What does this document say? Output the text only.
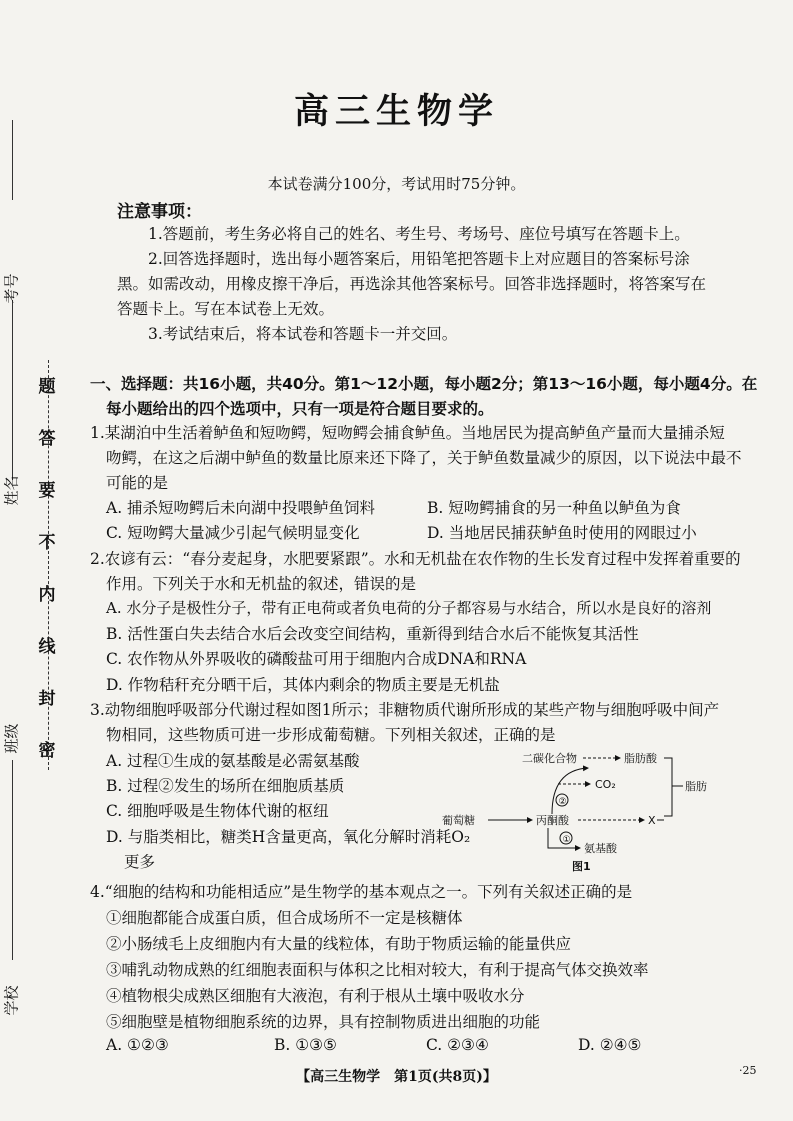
题
答
要
不
内
线
封
密
考号
姓名
班级
学校
高三生物学
本试卷满分100分，考试用时75分钟。
注意事项：
1.答题前，考生务必将自己的姓名、考生号、考场号、座位号填写在答题卡上。
2.回答选择题时，选出每小题答案后，用铅笔把答题卡上对应题目的答案标号涂
黑。如需改动，用橡皮擦干净后，再选涂其他答案标号。回答非选择题时，将答案写在
答题卡上。写在本试卷上无效。
3.考试结束后，将本试卷和答题卡一并交回。
一、选择题：共16小题，共40分。第1～12小题，每小题2分；第13～16小题，每小题4分。在
每小题给出的四个选项中，只有一项是符合题目要求的。
1.某湖泊中生活着鲈鱼和短吻鳄，短吻鳄会捕食鲈鱼。当地居民为提高鲈鱼产量而大量捕杀短
吻鳄，在这之后湖中鲈鱼的数量比原来还下降了，关于鲈鱼数量减少的原因，以下说法中最不
可能的是
A. 捕杀短吻鳄后未向湖中投喂鲈鱼饲料	B. 短吻鳄捕食的另一种鱼以鲈鱼为食
C. 短吻鳄大量减少引起气候明显变化	D. 当地居民捕获鲈鱼时使用的网眼过小
2.农谚有云：“春分麦起身，水肥要紧跟”。水和无机盐在农作物的生长发育过程中发挥着重要的
作用。下列关于水和无机盐的叙述，错误的是
A. 水分子是极性分子，带有正电荷或者负电荷的分子都容易与水结合，所以水是良好的溶剂
B. 活性蛋白失去结合水后会改变空间结构，重新得到结合水后不能恢复其活性
C. 农作物从外界吸收的磷酸盐可用于细胞内合成DNA和RNA
D. 作物秸秆充分晒干后，其体内剩余的物质主要是无机盐
3.动物细胞呼吸部分代谢过程如图1所示；非糖物质代谢所形成的某些产物与细胞呼吸中间产
物相同，这些物质可进一步形成葡萄糖。下列相关叙述，正确的是
A. 过程①生成的氨基酸是必需氨基酸
B. 过程②发生的场所在细胞质基质
C. 细胞呼吸是生物体代谢的枢纽
D. 与脂类相比，糖类H含量更高，氧化分解时消耗O₂
更多
二碳化合物	脂肪酸
脂肪
CO₂
②
葡萄糖	丙酮酸	X
①
氨基酸
图1
4.“细胞的结构和功能相适应”是生物学的基本观点之一。下列有关叙述正确的是
①细胞都能合成蛋白质，但合成场所不一定是核糖体
②小肠绒毛上皮细胞内有大量的线粒体，有助于物质运输的能量供应
③哺乳动物成熟的红细胞表面积与体积之比相对较大，有利于提高气体交换效率
④植物根尖成熟区细胞有大液泡，有利于根从土壤中吸收水分
⑤细胞壁是植物细胞系统的边界，具有控制物质进出细胞的功能
A. ①②③	B. ①③⑤	C. ②③④	D. ②④⑤
【高三生物学　第1页(共8页)】	·25
